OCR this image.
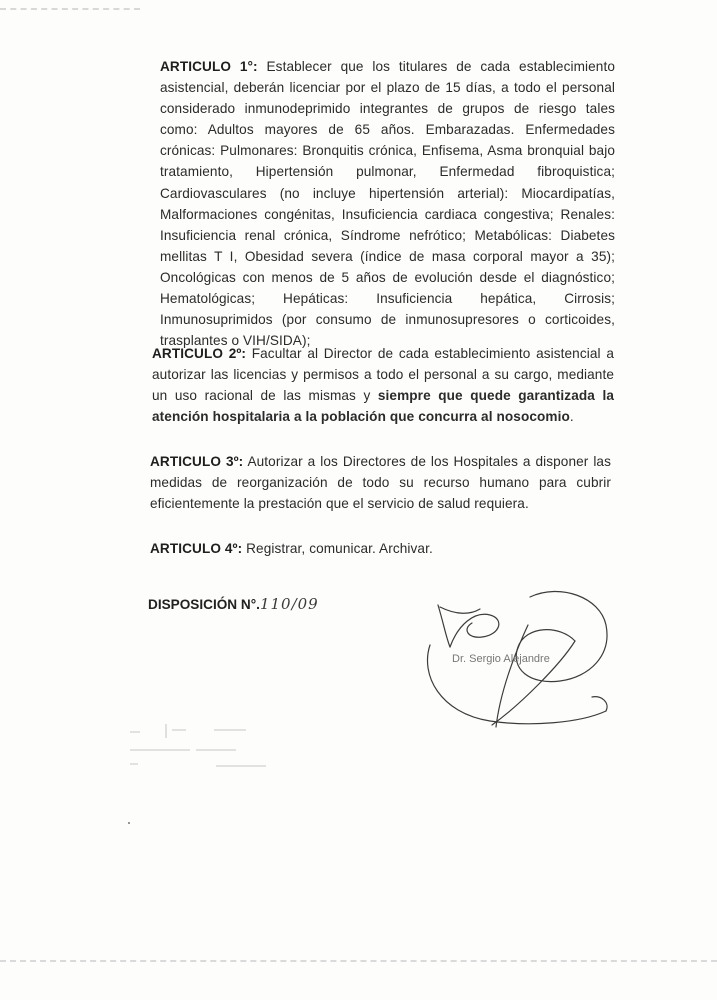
ARTICULO 1°: Establecer que los titulares de cada establecimiento asistencial, deberán licenciar por el plazo de 15 días, a todo el personal considerado inmunodeprimido integrantes de grupos de riesgo tales como: Adultos mayores de 65 años. Embarazadas. Enfermedades crónicas: Pulmonares: Bronquitis crónica, Enfisema, Asma bronquial bajo tratamiento, Hipertensión pulmonar, Enfermedad fibroquistica; Cardiovasculares (no incluye hipertensión arterial): Miocardipatías, Malformaciones congénitas, Insuficiencia cardiaca congestiva; Renales: Insuficiencia renal crónica, Síndrome nefrótico; Metabólicas: Diabetes mellitas T I, Obesidad severa (índice de masa corporal mayor a 35); Oncológicas con menos de 5 años de evolución desde el diagnóstico; Hematológicas; Hepáticas: Insuficiencia hepática, Cirrosis; Inmunosuprimidos (por consumo de inmunosupresores o corticoides, trasplantes o VIH/SIDA);

ARTICULO 2º: Facultar al Director de cada establecimiento asistencial a autorizar las licencias y permisos a todo el personal a su cargo, mediante un uso racional de las mismas y siempre que quede garantizada la atención hospitalaria a la población que concurra al nosocomio.

ARTICULO 3º: Autorizar a los Directores de los Hospitales a disponer las medidas de reorganización de todo su recurso humano para cubrir eficientemente la prestación que el servicio de salud requiera.

ARTICULO 4º: Registrar, comunicar. Archivar.

DISPOSICIÓN N°.110/09
Dr. Sergio Alejandre
